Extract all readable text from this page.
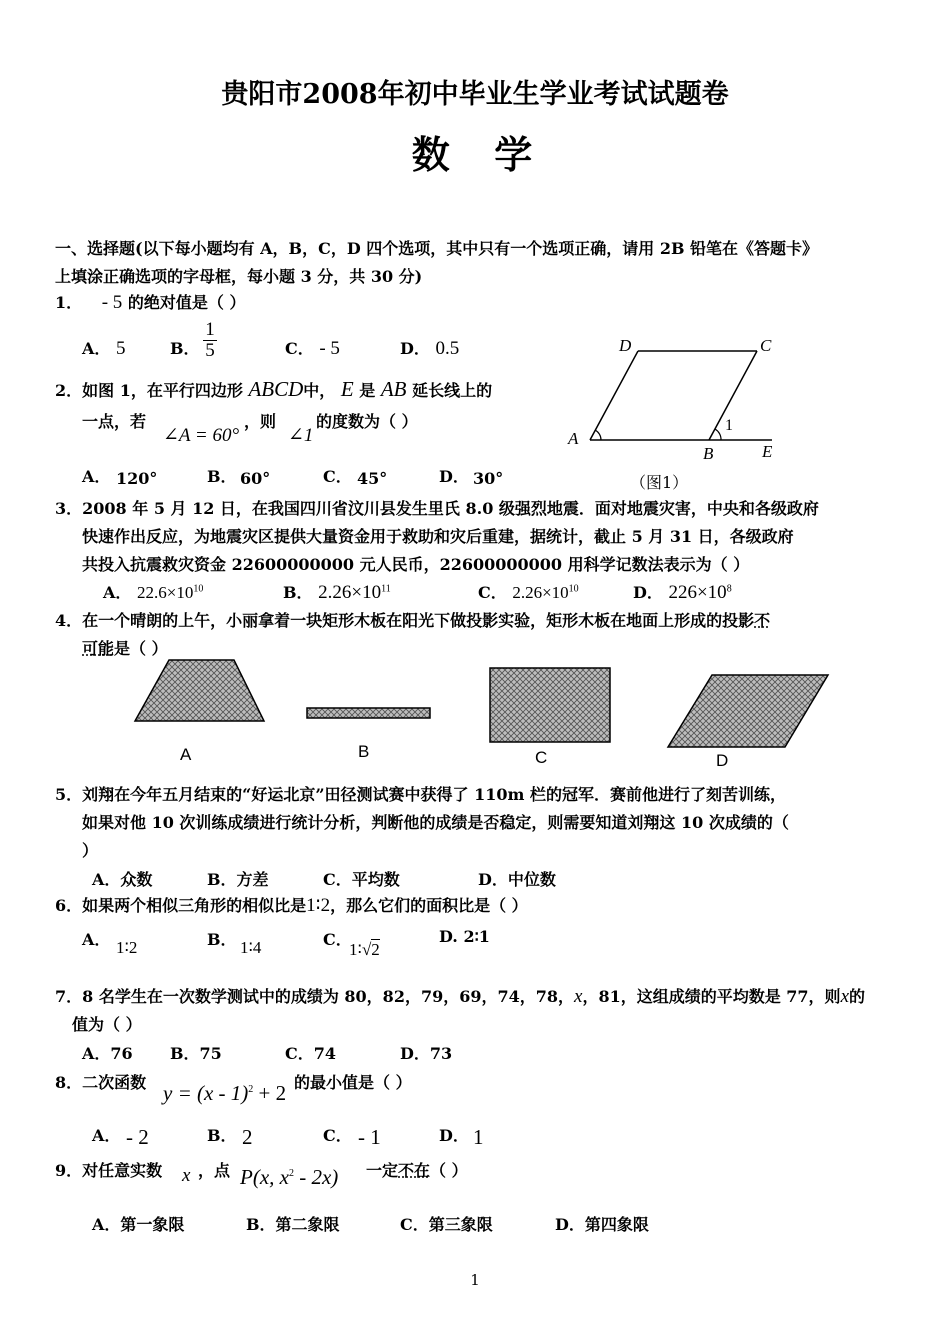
贵阳市2008年初中毕业生学业考试试题卷
数  学
一、选择题(以下每小题均有 A，B，C，D 四个选项，其中只有一个选项正确，请用 2B 铅笔在《答题卡》
上填涂正确选项的字母框，每小题 3 分，共 30 分)
1． - 5 的绝对值是（ ）
A． 5	B．
1
5	C． - 5	D． 0.5
2．如图 1，在平行四边形 ABCD中， E 是 AB 延长线上的
一点，若
∠A = 60°
，则
∠1
的度数为（ ）
A． 120°	B． 60°	C． 45°	D． 30°
D	C
A
B	E
1
（图1）
3．2008 年 5 月 12 日，在我国四川省汶川县发生里氏 8.0 级强烈地震．面对地震灾害，中央和各级政府
快速作出反应，为地震灾区提供大量资金用于救助和灾后重建，据统计，截止 5 月 31 日，各级政府
共投入抗震救灾资金 22600000000 元人民币，22600000000 用科学记数法表示为（ ）
A． $22.6\times 10^{10}$	B． $2.26\times 10^{11}$	C． $2.26\times 10^{10}$	D． $226\times 10^8$
4．在一个晴朗的上午，小丽拿着一块矩形木板在阳光下做投影实验，矩形木板在地面上形成的投影不
可能是（ ）
A	B	C	D
5．刘翔在今年五月结束的“好运北京”田径测试赛中获得了 110m 栏的冠军．赛前他进行了刻苦训练，
如果对他 10 次训练成绩进行统计分析，判断他的成绩是否稳定，则需要知道刘翔这 10 次成绩的（
）
A．众数	B．方差	C．平均数	D．中位数
6．如果两个相似三角形的相似比是1∶2，那么它们的面积比是（ ）
A． 1∶2	B． 1∶4	C．
1∶√2
D. 2∶1
7．8 名学生在一次数学测试中的成绩为 80，82，79，69，74，78，x，81，这组成绩的平均数是 77，则x的
值为（ ）
A．76 B．75	C．74	D．73
8．二次函数 y = (x - 1)$^2$ + 2 的最小值是（ ）
A． - 2	B． 2	C． - 1	D． 1
9．对任意实数 x ，点 P(x, $x^2 - 2x$) 一定不在（ ）
A．第一象限	B．第二象限	C．第三象限	D．第四象限
1
